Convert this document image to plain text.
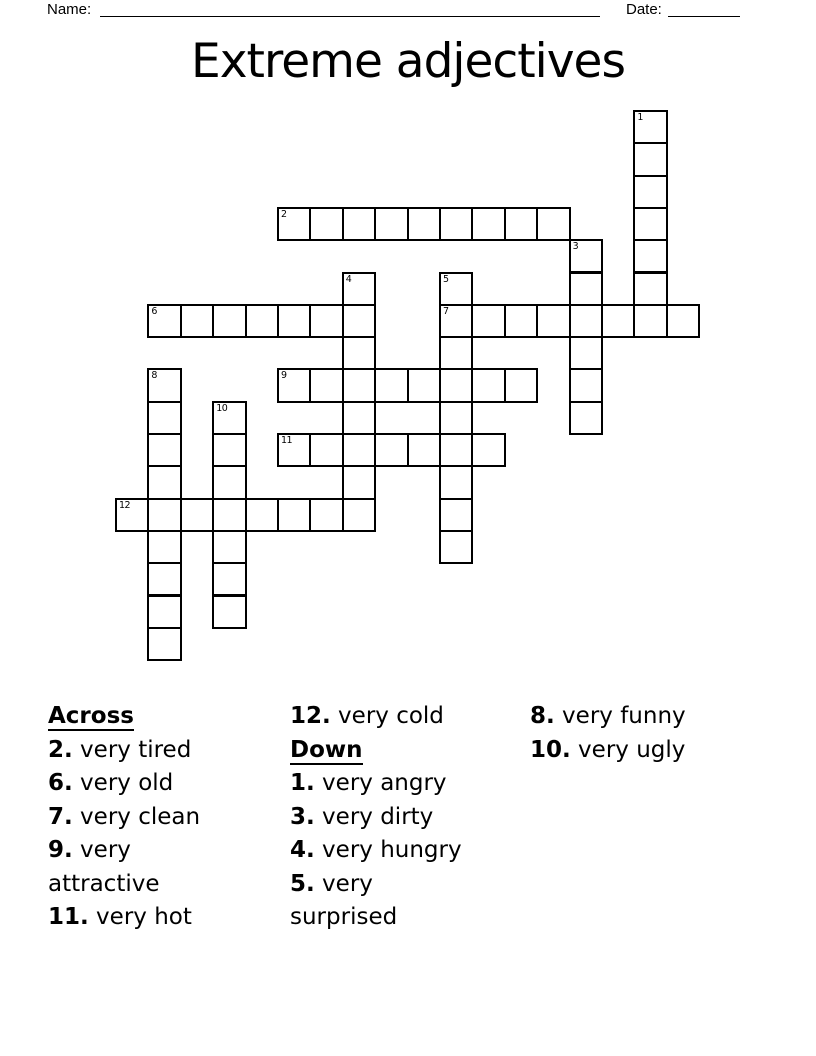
Name:	Date:
Extreme adjectives
1
2
3
4	5
7
6
8	9
10
11
12
Across
2. very tired
6. very old
7. very clean
9. very attractive
11. very hot
12. very cold
Down
1. very angry
3. very dirty
4. very hungry
5. very surprised
8. very funny
10. very ugly
